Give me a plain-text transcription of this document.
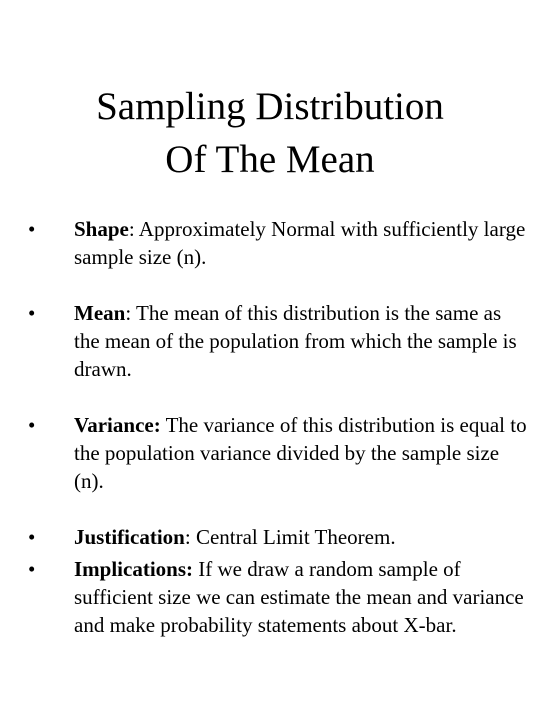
Sampling Distribution
Of The Mean
•	Shape: Approximately Normal with sufficiently large sample size (n).
•	Mean: The mean of this distribution is the same as the mean of the population from which the sample is drawn.
•	Variance: The variance of this distribution is equal to the population variance divided by the sample size (n).
•	Justification: Central Limit Theorem.
•	Implications: If we draw a random sample of sufficient size we can estimate the mean and variance and make probability statements about X-bar.
